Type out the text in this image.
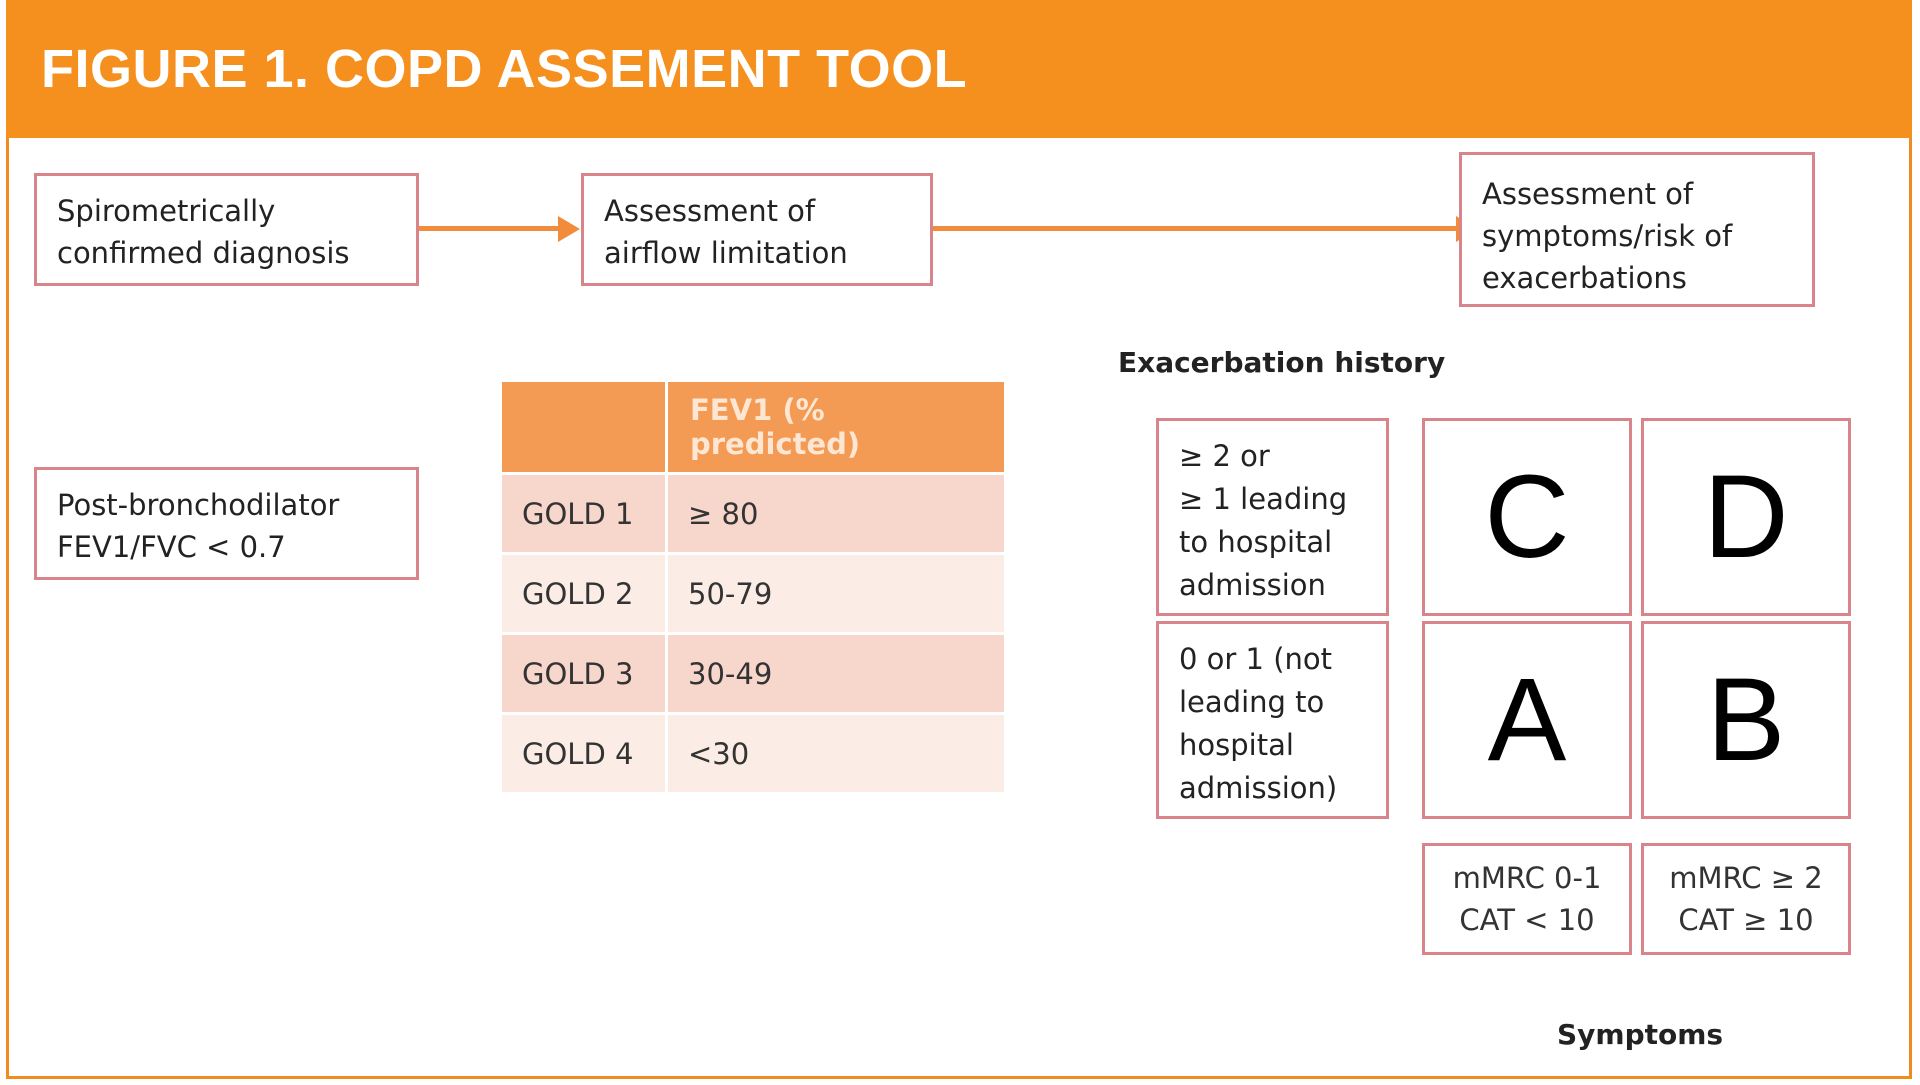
FIGURE 1. COPD ASSEMENT TOOL
Spirometrically
confirmed diagnosis
Assessment of
airflow limitation
Assessment of
symptoms/risk of
exacerbations
Post-bronchodilator
FEV1/FVC < 0.7
FEV1 (% predicted)
GOLD 1	≥ 80
GOLD 2	50-79
GOLD 3	30-49
GOLD 4	<30
Exacerbation history
≥ 2 or
≥ 1 leading
to hospital
admission
0 or 1 (not
leading to
hospital
admission)
C	D
A	B
mMRC 0-1
CAT < 10
mMRC ≥ 2
CAT ≥ 10
Symptoms
